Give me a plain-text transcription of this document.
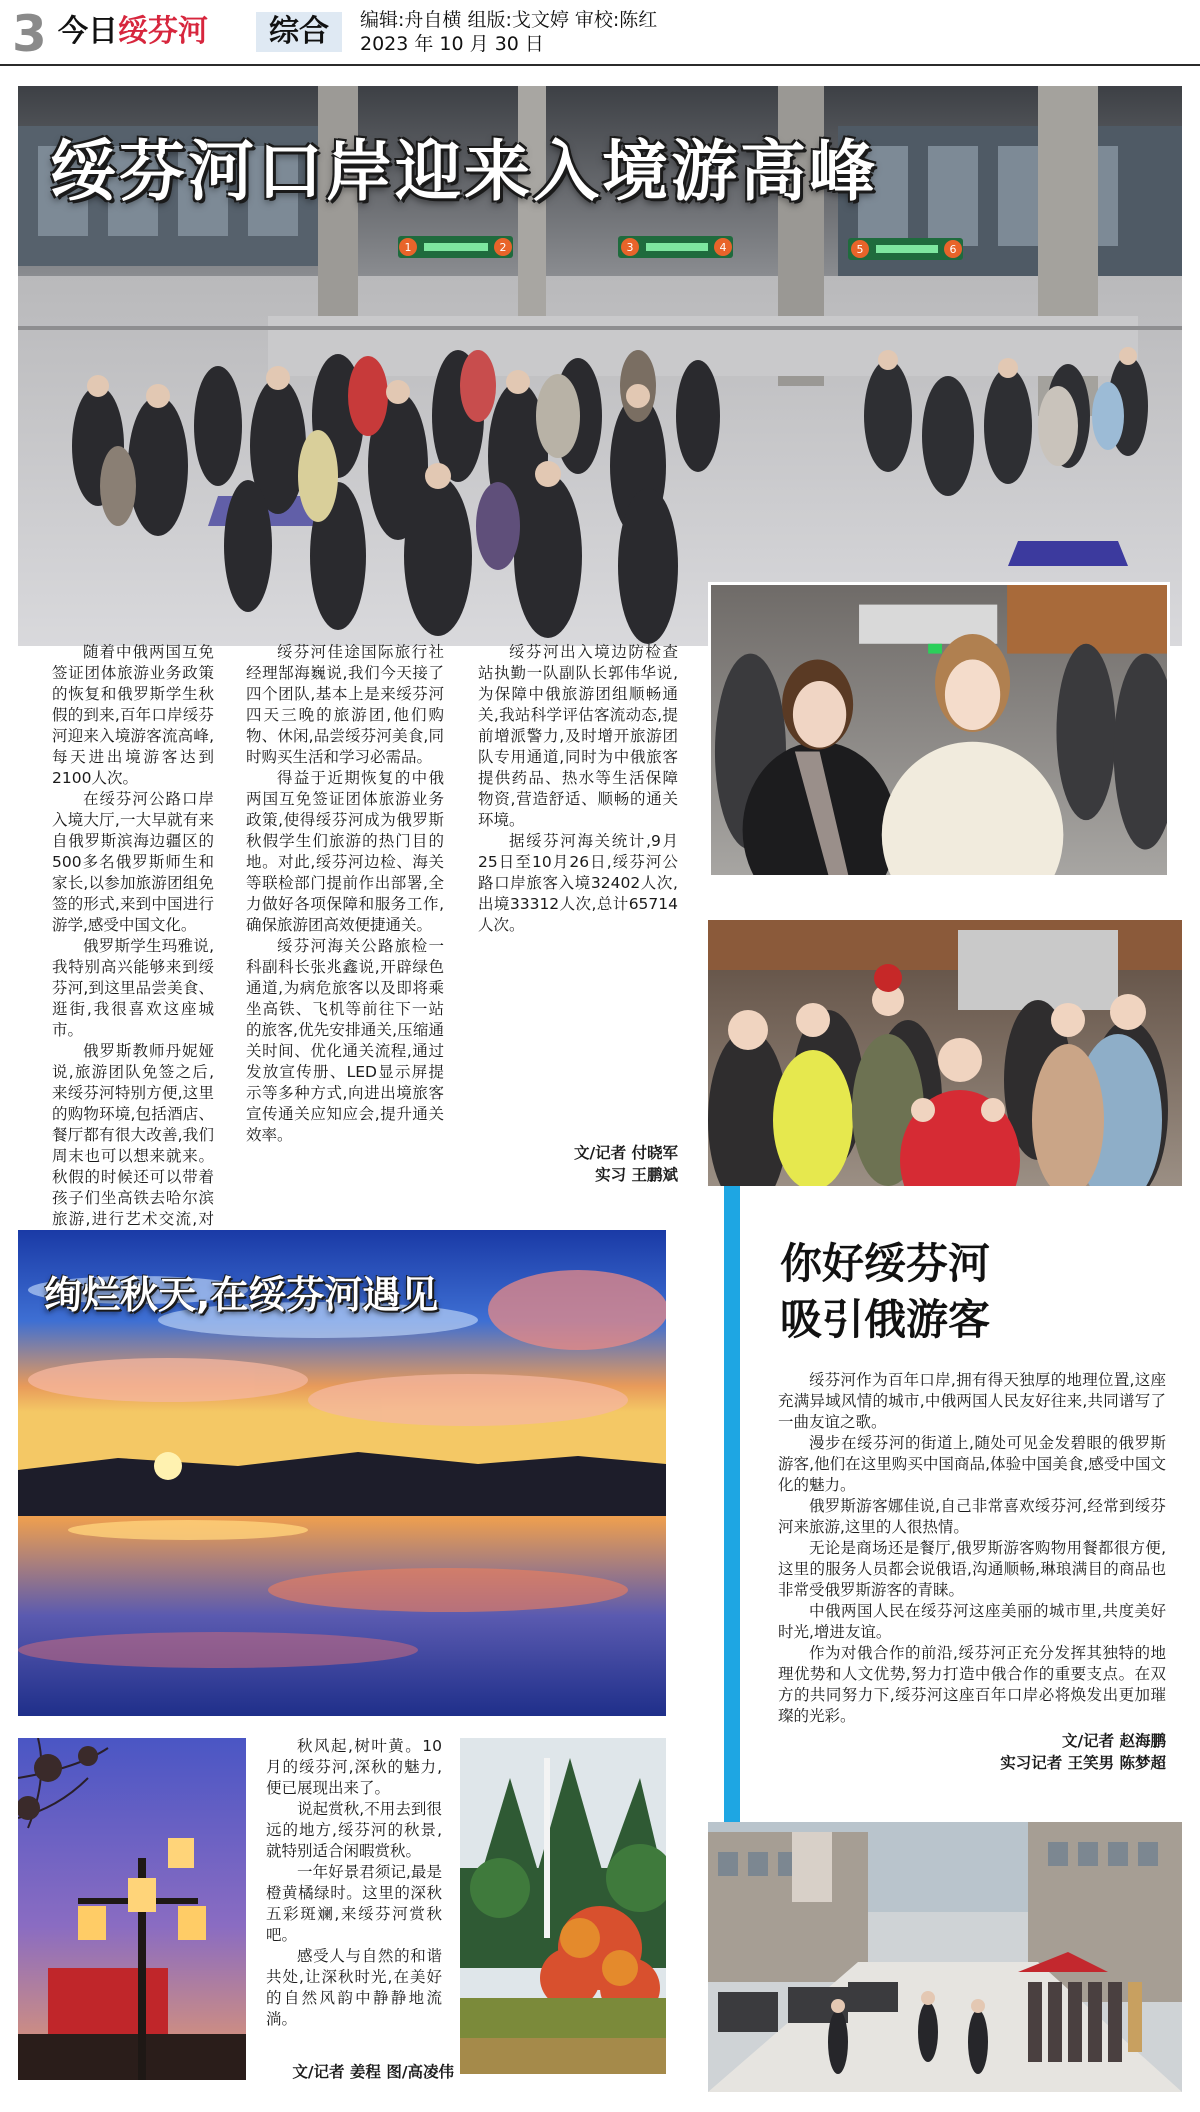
3 今日绥芬河	综合	编辑:舟自横 组版:戈文婷 审校:陈红
2023 年 10 月 30 日
1	2	3	4	5	6
绥芬河口岸迎来入境游高峰

随着中俄两国互免签证团体旅游业务政策的恢复和俄罗斯学生秋假的到来,百年口岸绥芬河迎来入境游客流高峰,每天进出境游客达到2100人次。

在绥芬河公路口岸入境大厅,一大早就有来自俄罗斯滨海边疆区的500多名俄罗斯师生和家长,以参加旅游团组免签的形式,来到中国进行游学,感受中国文化。

俄罗斯学生玛雅说,我特别高兴能够来到绥芬河,到这里品尝美食、逛街,我很喜欢这座城市。

俄罗斯教师丹妮娅说,旅游团队免签之后,来绥芬河特别方便,这里的购物环境,包括酒店、餐厅都有很大改善,我们周末也可以想来就来。秋假的时候还可以带着孩子们坐高铁去哈尔滨旅游,进行艺术交流,对

绥芬河佳途国际旅行社经理郜海巍说,我们今天接了四个团队,基本上是来绥芬河四天三晚的旅游团,他们购物、休闲,品尝绥芬河美食,同时购买生活和学习必需品。

得益于近期恢复的中俄两国互免签证团体旅游业务政策,使得绥芬河成为俄罗斯秋假学生们旅游的热门目的地。对此,绥芬河边检、海关等联检部门提前作出部署,全力做好各项保障和服务工作,确保旅游团高效便捷通关。

绥芬河海关公路旅检一科副科长张兆鑫说,开辟绿色通道,为病危旅客以及即将乘坐高铁、飞机等前往下一站的旅客,优先安排通关,压缩通关时间、优化通关流程,通过发放宣传册、LED显示屏提示等多种方式,向进出境旅客宣传通关应知应会,提升通关效率。

绥芬河出入境边防检查站执勤一队副队长郭伟华说,为保障中俄旅游团组顺畅通关,我站科学评估客流动态,提前增派警力,及时增开旅游团队专用通道,同时为中俄旅客提供药品、热水等生活保障物资,营造舒适、顺畅的通关环境。

据绥芬河海关统计,9月25日至10月26日,绥芬河公路口岸旅客入境32402人次,出境33312人次,总计65714人次。

文/记者 付晓军
实习 王鹏斌
绚烂秋天,在绥芬河遇见

秋风起,树叶黄。10月的绥芬河,深秋的魅力,便已展现出来了。

说起赏秋,不用去到很远的地方,绥芬河的秋景,就特别适合闲暇赏秋。

一年好景君须记,最是橙黄橘绿时。这里的深秋五彩斑斓,来绥芬河赏秋吧。

感受人与自然的和谐共处,让深秋时光,在美好的自然风韵中静静地流淌。

文/记者 姜程 图/高凌伟
你好绥芬河
吸引俄游客

绥芬河作为百年口岸,拥有得天独厚的地理位置,这座充满异域风情的城市,中俄两国人民友好往来,共同谱写了一曲友谊之歌。

漫步在绥芬河的街道上,随处可见金发碧眼的俄罗斯游客,他们在这里购买中国商品,体验中国美食,感受中国文化的魅力。

俄罗斯游客娜佳说,自己非常喜欢绥芬河,经常到绥芬河来旅游,这里的人很热情。

无论是商场还是餐厅,俄罗斯游客购物用餐都很方便,这里的服务人员都会说俄语,沟通顺畅,琳琅满目的商品也非常受俄罗斯游客的青睐。

中俄两国人民在绥芬河这座美丽的城市里,共度美好时光,增进友谊。

作为对俄合作的前沿,绥芬河正充分发挥其独特的地理优势和人文优势,努力打造中俄合作的重要支点。在双方的共同努力下,绥芬河这座百年口岸必将焕发出更加璀璨的光彩。

文/记者 赵海鹏
实习记者 王笑男 陈梦超
